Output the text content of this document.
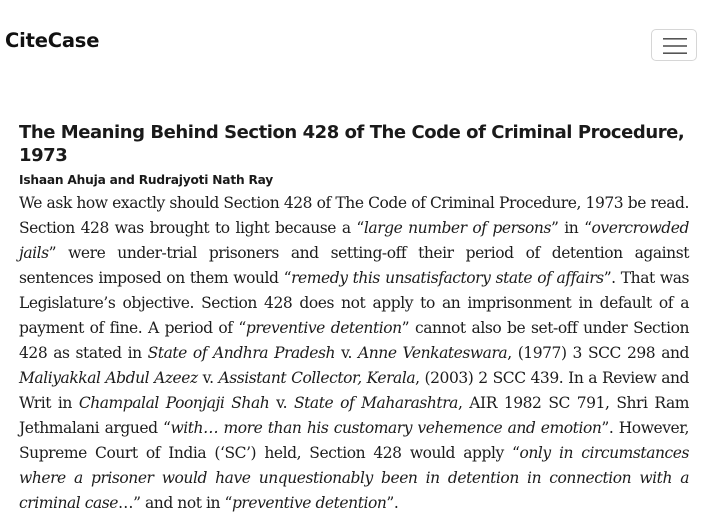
CiteCase
The Meaning Behind Section 428 of The Code of Criminal Procedure, 1973

Ishaan Ahuja and Rudrajyoti Nath Ray

We ask how exactly should Section 428 of The Code of Criminal Procedure, 1973 be read. Section 428 was brought to light because a “large number of persons” in “overcrowded jails” were under-trial prisoners and setting-off their period of detention against sentences imposed on them would “remedy this unsatisfactory state of affairs”. That was Legislature’s objective. Section 428 does not apply to an imprisonment in default of a payment of fine. A period of “preventive detention” cannot also be set-off under Section 428 as stated in State of Andhra Pradesh v. Anne Venkateswara, (1977) 3 SCC 298 and Maliyakkal Abdul Azeez v. Assistant Collector, Kerala, (2003) 2 SCC 439. In a Review and Writ in Champalal Poonjaji Shah v. State of Maharashtra, AIR 1982 SC 791, Shri Ram Jethmalani argued “with… more than his customary vehemence and emotion”. However, Supreme Court of India (‘SC’) held, Section 428 would apply “only in circumstances where a prisoner would have unquestionably been in detention in connection with a criminal case…” and not in “preventive detention”.
